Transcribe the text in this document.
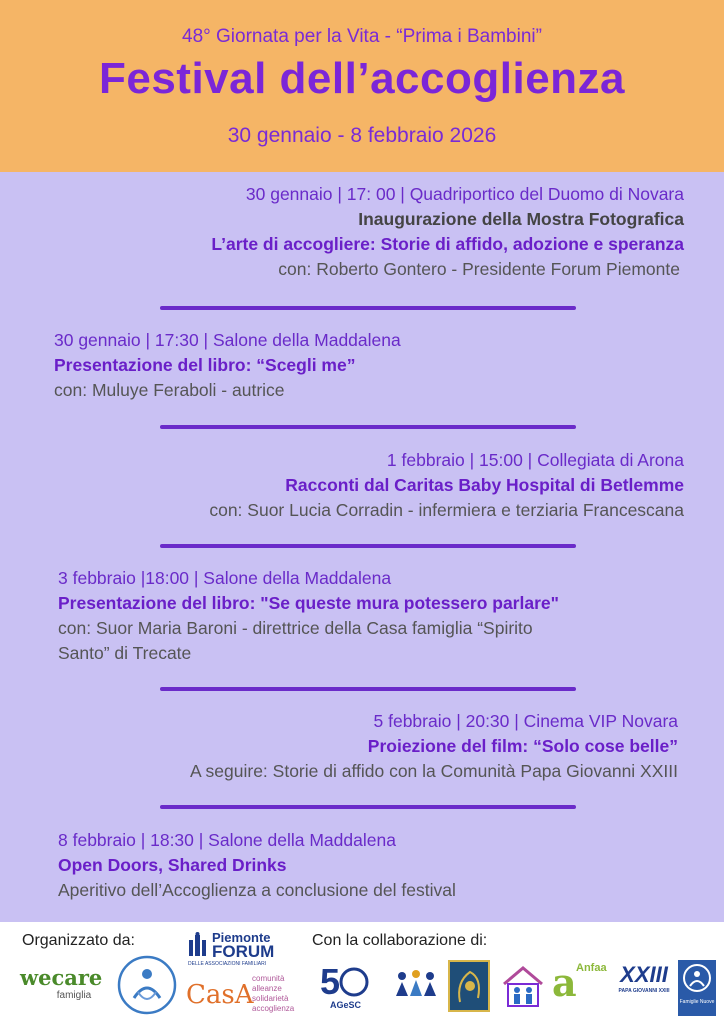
48° Giornata per la Vita - “Prima i Bambini”
Festival dell’accoglienza
30 gennaio - 8 febbraio 2026
30 gennaio | 17: 00 | Quadriportico del Duomo di Novara
Inaugurazione della Mostra Fotografica
L’arte di accogliere: Storie di affido, adozione e speranza
con: Roberto Gontero - Presidente Forum Piemonte
30 gennaio | 17:30 | Salone della Maddalena
Presentazione del libro: “Scegli me”
con: Muluye Feraboli - autrice
1 febbraio | 15:00 | Collegiata di Arona
Racconti dal Caritas Baby Hospital di Betlemme
con: Suor Lucia Corradin - infermiera e terziaria Francescana
3 febbraio |18:00 | Salone della Maddalena
Presentazione del libro: "Se queste mura potessero parlare"
con: Suor Maria Baroni - direttrice della Casa famiglia “Spirito
Santo” di Trecate
5 febbraio | 20:30 | Cinema VIP Novara
Proiezione del film: “Solo cose belle”
A seguire: Storie di affido con la Comunità Papa Giovanni XXIII
8 febbraio | 18:30 | Salone della Maddalena
Open Doors, Shared Drinks
Aperitivo dell’Accoglienza a conclusione del festival
Organizzato da:	Con la collaborazione di:
wecare
famiglia
Piemonte
FORUM
DELLE ASSOCIAZIONI FAMILIARI
CasA
comunità
alleanze
solidarietà
accoglienza
5
AGeSC	a Anfaa XXIII
PAPA GIOVANNI XXIII
Famiglie Nuove
